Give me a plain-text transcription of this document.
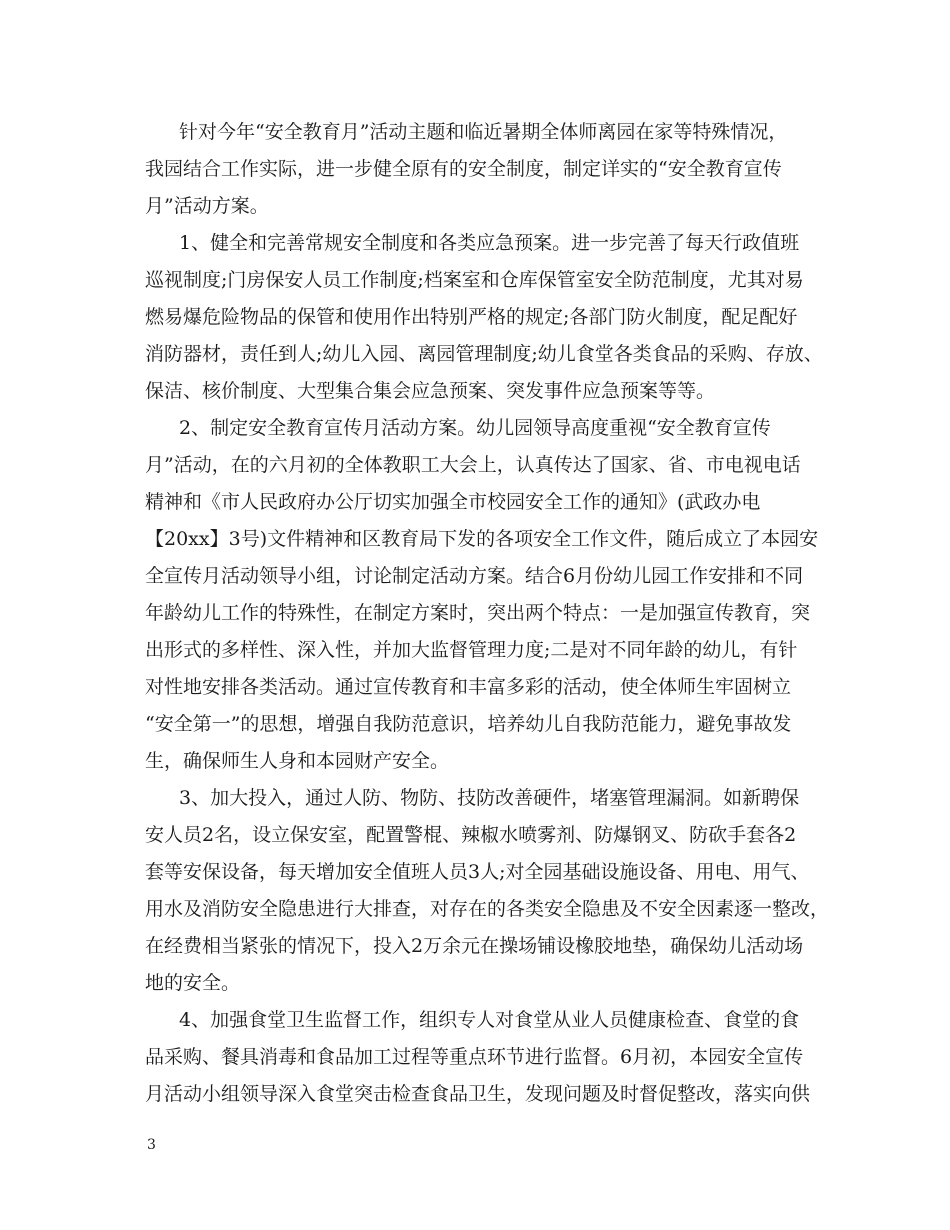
针对今年“安全教育月”活动主题和临近暑期全体师离园在家等特殊情况，
我园结合工作实际，进一步健全原有的安全制度，制定详实的“安全教育宣传
月”活动方案。
1、健全和完善常规安全制度和各类应急预案。进一步完善了每天行政值班
巡视制度;门房保安人员工作制度;档案室和仓库保管室安全防范制度，尤其对易
燃易爆危险物品的保管和使用作出特别严格的规定;各部门防火制度，配足配好
消防器材，责任到人;幼儿入园、离园管理制度;幼儿食堂各类食品的采购、存放、
保洁、核价制度、大型集合集会应急预案、突发事件应急预案等等。
2、制定安全教育宣传月活动方案。幼儿园领导高度重视“安全教育宣传
月”活动，在的六月初的全体教职工大会上，认真传达了国家、省、市电视电话
精神和《市人民政府办公厅切实加强全市校园安全工作的通知》(武政办电
【20xx】3号)文件精神和区教育局下发的各项安全工作文件，随后成立了本园安
全宣传月活动领导小组，讨论制定活动方案。结合6月份幼儿园工作安排和不同
年龄幼儿工作的特殊性，在制定方案时，突出两个特点：一是加强宣传教育，突
出形式的多样性、深入性，并加大监督管理力度;二是对不同年龄的幼儿，有针
对性地安排各类活动。通过宣传教育和丰富多彩的活动，使全体师生牢固树立
“安全第一”的思想，增强自我防范意识，培养幼儿自我防范能力，避免事故发
生，确保师生人身和本园财产安全。
3、加大投入，通过人防、物防、技防改善硬件，堵塞管理漏洞。如新聘保
安人员2名，设立保安室，配置警棍、辣椒水喷雾剂、防爆钢叉、防砍手套各2
套等安保设备，每天增加安全值班人员3人;对全园基础设施设备、用电、用气、
用水及消防安全隐患进行大排查，对存在的各类安全隐患及不安全因素逐一整改，
在经费相当紧张的情况下，投入2万余元在操场铺设橡胶地垫，确保幼儿活动场
地的安全。
4、加强食堂卫生监督工作，组织专人对食堂从业人员健康检查、食堂的食
品采购、餐具消毒和食品加工过程等重点环节进行监督。6月初，本园安全宣传
月活动小组领导深入食堂突击检查食品卫生，发现问题及时督促整改，落实向供
3
